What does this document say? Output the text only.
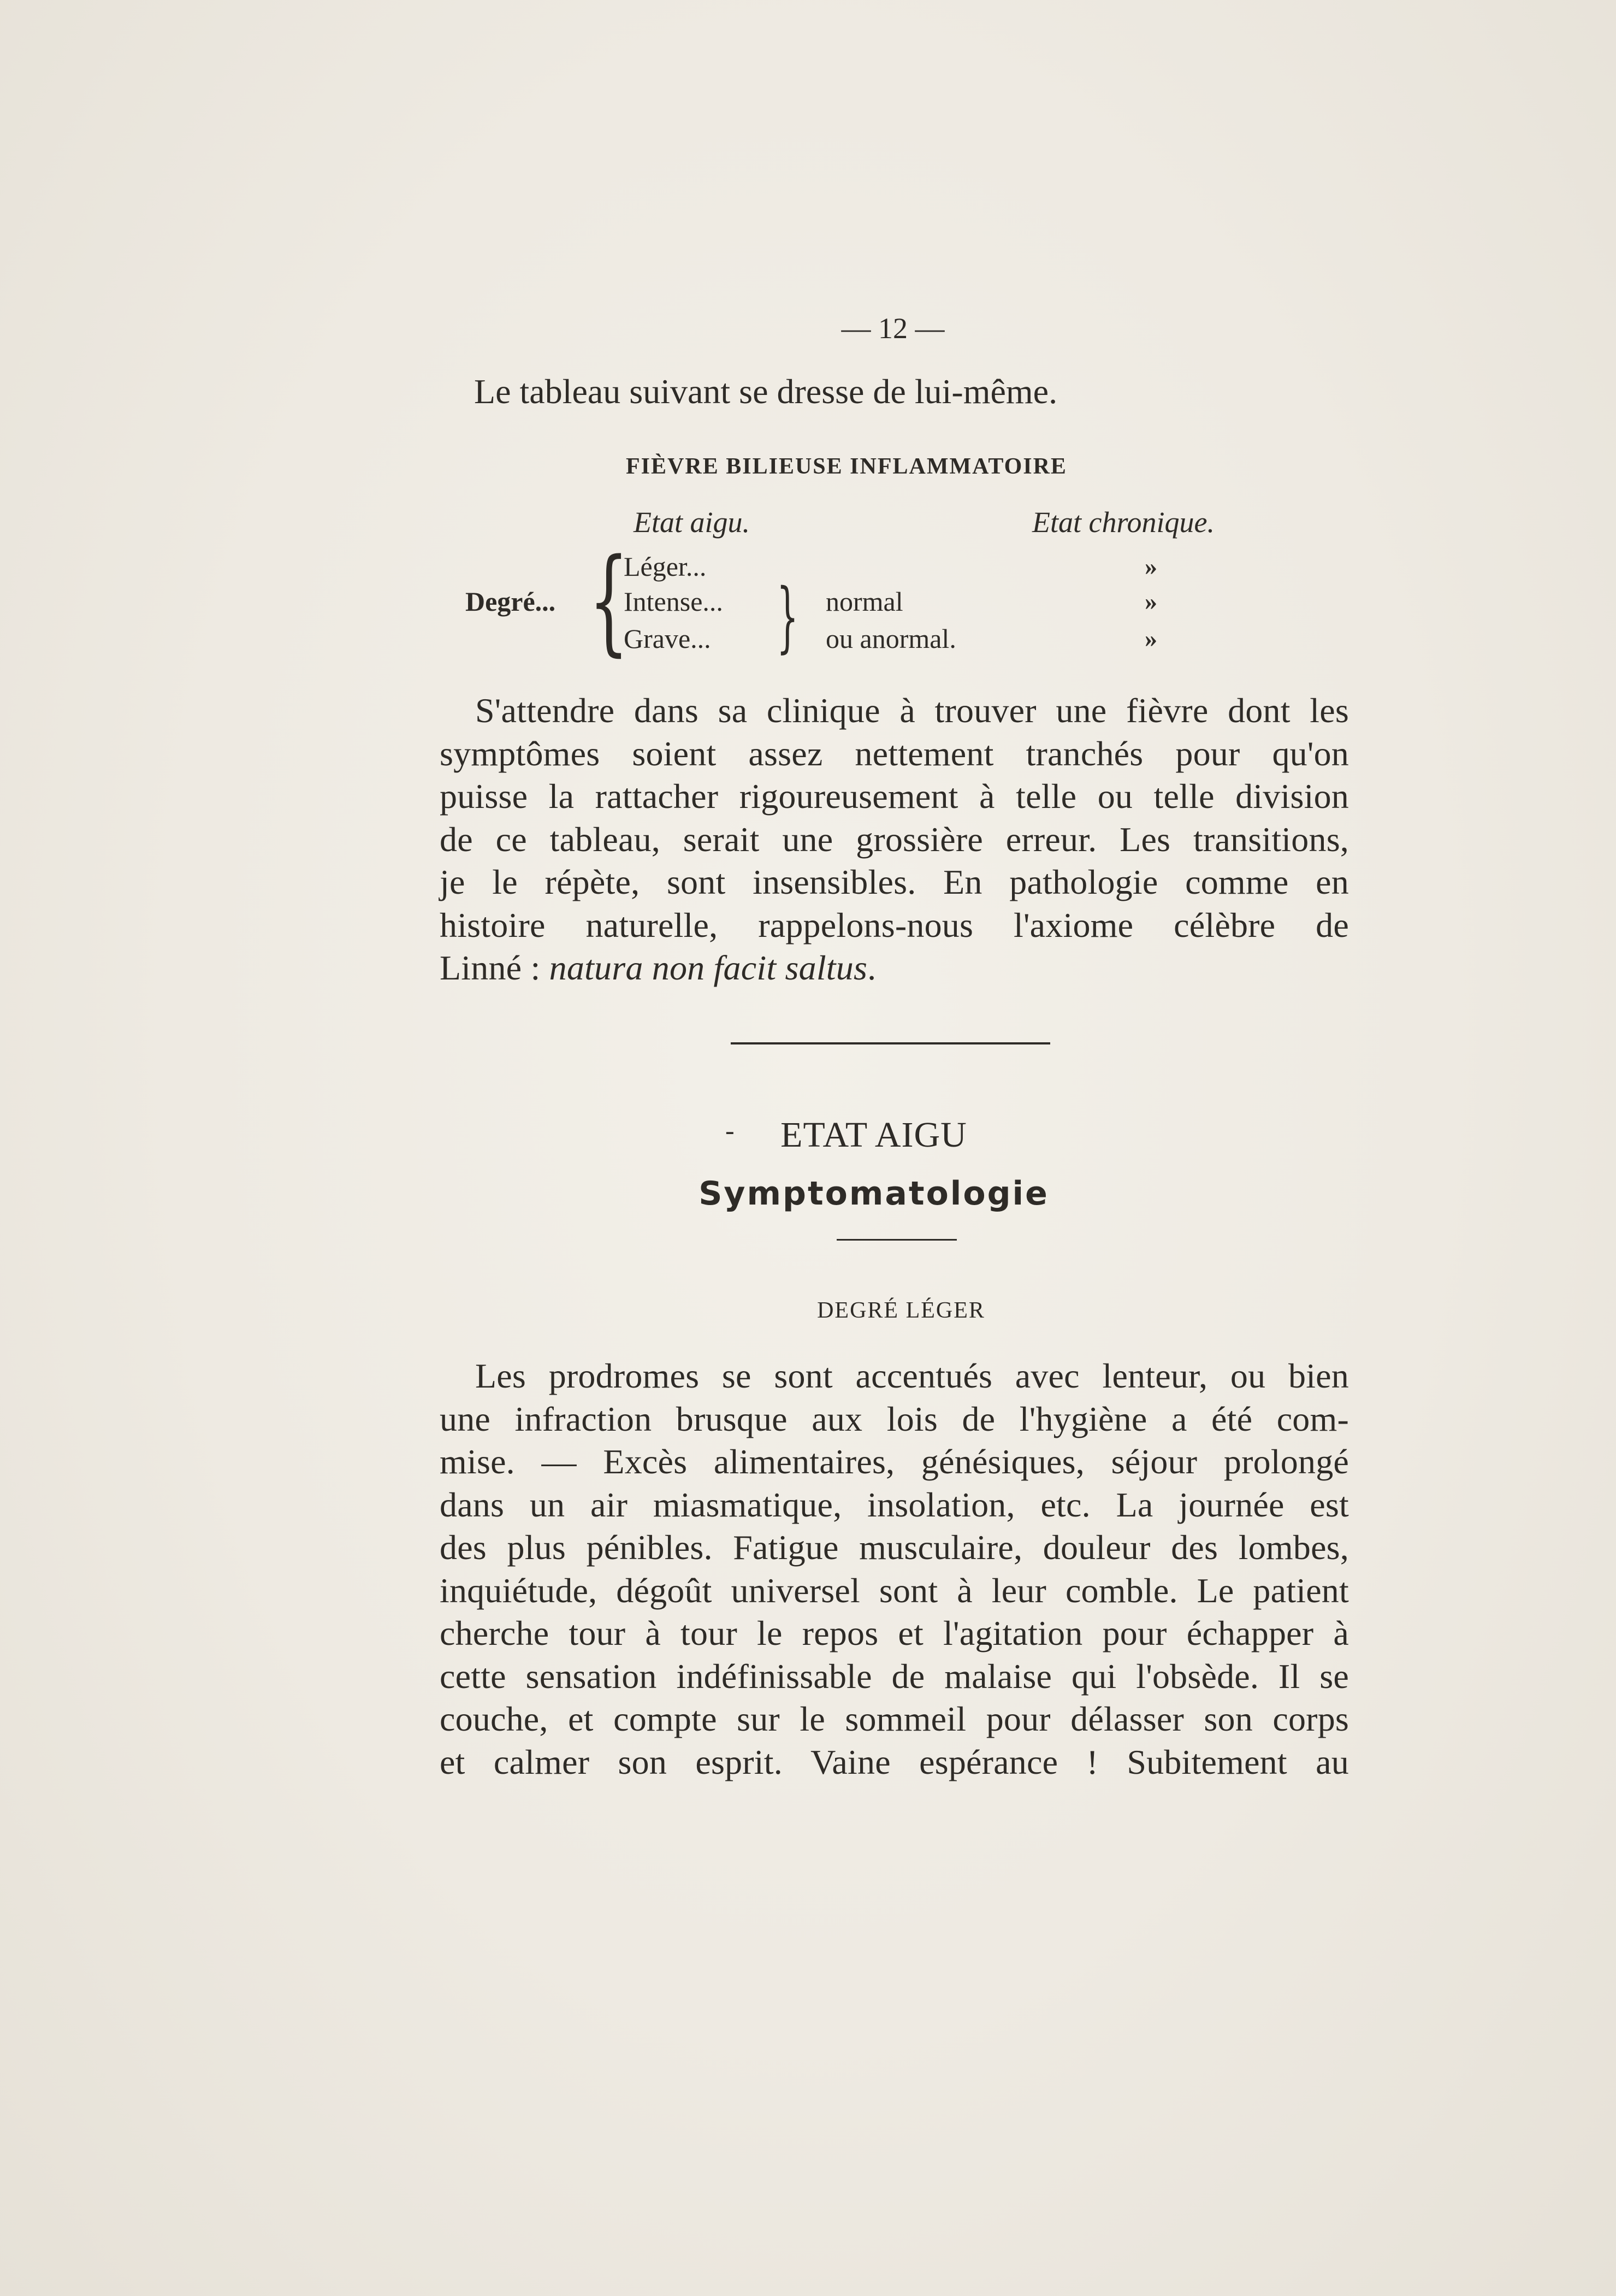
— 12 —
Le tableau suivant se dresse de lui-même.
FIÈVRE BILIEUSE INFLAMMATOIRE
Etat aigu.	Etat chronique.
Degré... {
Léger...
Intense...
Grave... } normal
ou anormal.
»
»
»
S'attendre dans sa clinique à trouver une fièvre dont les
symptômes soient assez nettement tranchés pour qu'on
puisse la rattacher rigoureusement à telle ou telle division
de ce tableau, serait une grossière erreur. Les transitions,
je le répète, sont insensibles. En pathologie comme en
histoire naturelle, rappelons-nous l'axiome célèbre de
Linné : natura non facit saltus.
-	ETAT AIGU
Symptomatologie
DEGRÉ LÉGER
Les prodromes se sont accentués avec lenteur, ou bien
une infraction brusque aux lois de l'hygiène a été com-
mise. — Excès alimentaires, génésiques, séjour prolongé
dans un air miasmatique, insolation, etc. La journée est
des plus pénibles. Fatigue musculaire, douleur des lombes,
inquiétude, dégoût universel sont à leur comble. Le patient
cherche tour à tour le repos et l'agitation pour échapper à
cette sensation indéfinissable de malaise qui l'obsède. Il se
couche, et compte sur le sommeil pour délasser son corps
et calmer son esprit. Vaine espérance ! Subitement au
